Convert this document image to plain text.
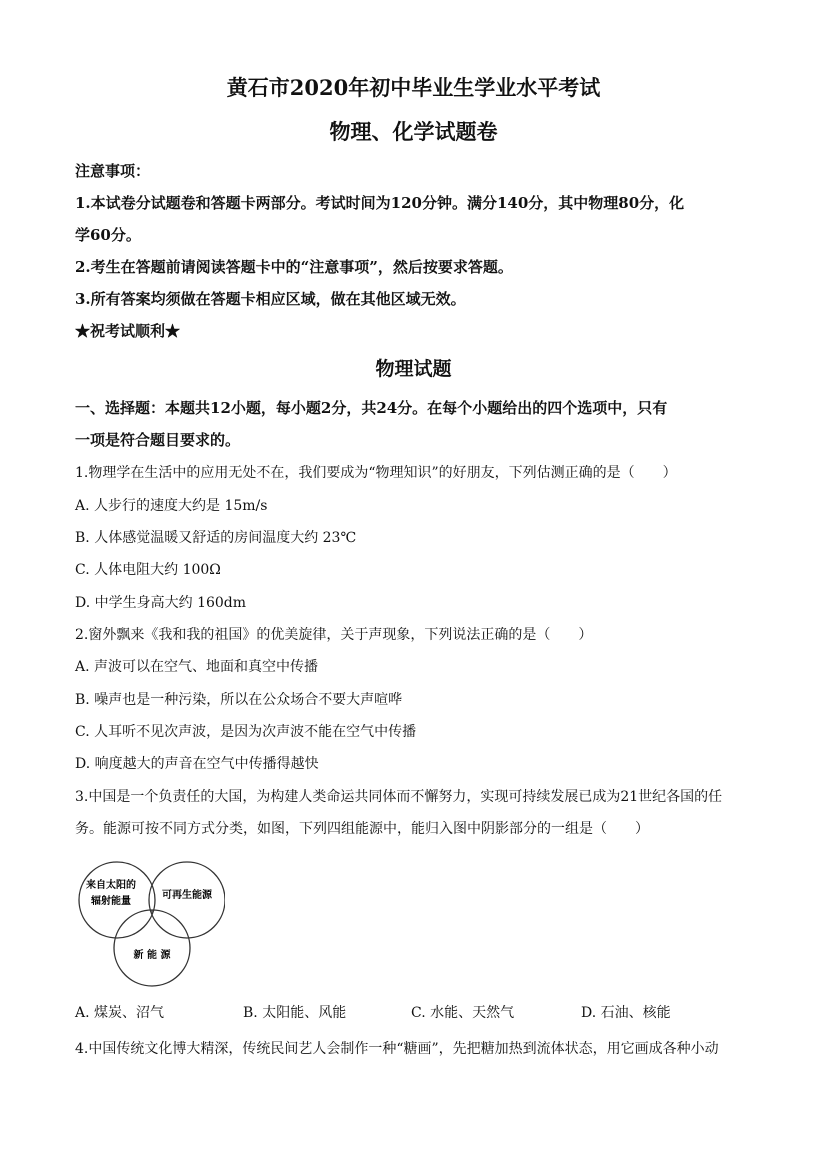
黄石市2020年初中毕业生学业水平考试
物理、化学试题卷
注意事项：
1.本试卷分试题卷和答题卡两部分。考试时间为120分钟。满分140分，其中物理80分，化
学60分。
2.考生在答题前请阅读答题卡中的“注意事项”，然后按要求答题。
3.所有答案均须做在答题卡相应区域，做在其他区域无效。
★祝考试顺利★
物理试题
一、选择题：本题共12小题，每小题2分，共24分。在每个小题给出的四个选项中，只有
一项是符合题目要求的。
1.物理学在生活中的应用无处不在，我们要成为“物理知识”的好朋友，下列估测正确的是（　　）
A. 人步行的速度大约是 15m/s
B. 人体感觉温暖又舒适的房间温度大约 23℃
C. 人体电阻大约 100Ω
D. 中学生身高大约 160dm
2.窗外飘来《我和我的祖国》的优美旋律，关于声现象，下列说法正确的是（　　）
A. 声波可以在空气、地面和真空中传播
B. 噪声也是一种污染，所以在公众场合不要大声喧哗
C. 人耳听不见次声波，是因为次声波不能在空气中传播
D. 响度越大的声音在空气中传播得越快
3.中国是一个负责任的大国，为构建人类命运共同体而不懈努力，实现可持续发展已成为21世纪各国的任
务。能源可按不同方式分类，如图，下列四组能源中，能归入图中阴影部分的一组是（　　）
来自太阳的
辐射能量
可再生能源
新 能 源
A. 煤炭、沼气	B. 太阳能、风能	C. 水能、天然气	D. 石油、核能
4.中国传统文化博大精深，传统民间艺人会制作一种“糖画”，先把糖加热到流体状态，用它画成各种小动
